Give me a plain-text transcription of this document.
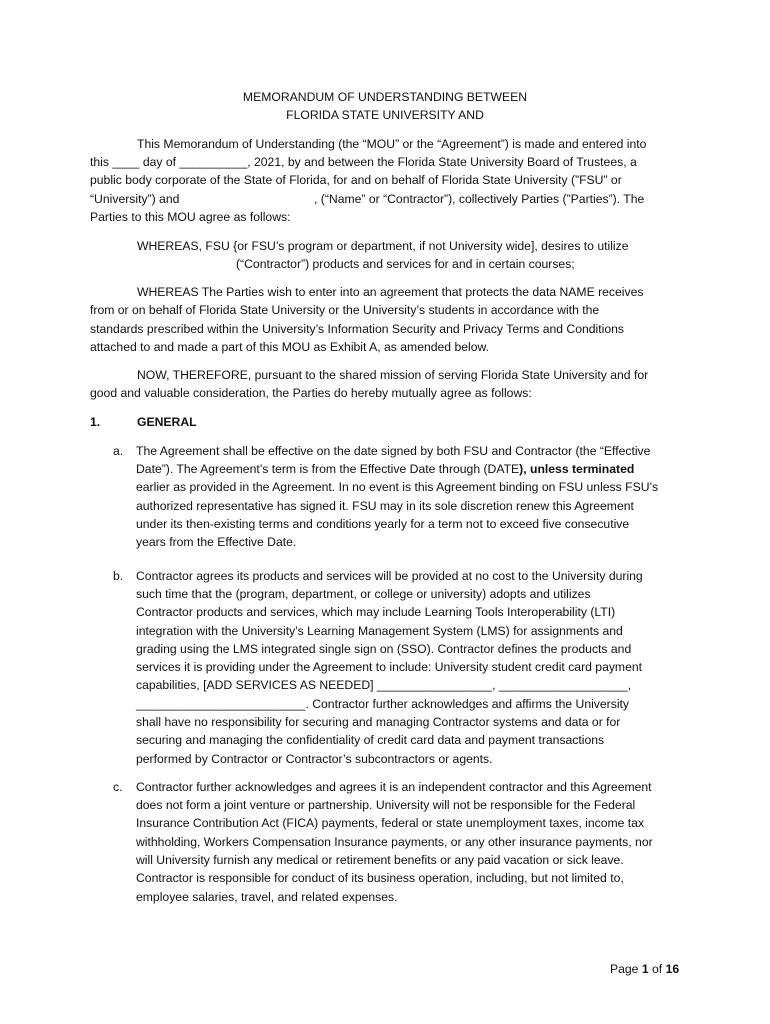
MEMORANDUM OF UNDERSTANDING BETWEEN
FLORIDA STATE UNIVERSITY AND
This Memorandum of Understanding (the “MOU” or the “Agreement”) is made and entered into
this ____ day of __________, 2021, by and between the Florida State University Board of Trustees, a
public body corporate of the State of Florida, for and on behalf of Florida State University (”FSU” or
“University”) and	, (“Name” or “Contractor”), collectively Parties (”Parties”). The
Parties to this MOU agree as follows:
WHEREAS, FSU {or FSU’s program or department, if not University wide], desires to utilize
(“Contractor”) products and services for and in certain courses;
WHEREAS The Parties wish to enter into an agreement that protects the data NAME receives
from or on behalf of Florida State University or the University’s students in accordance with the
standards prescribed within the University’s Information Security and Privacy Terms and Conditions
attached to and made a part of this MOU as Exhibit A, as amended below.
NOW, THEREFORE, pursuant to the shared mission of serving Florida State University and for
good and valuable consideration, the Parties do hereby mutually agree as follows:
1.	GENERAL
a. The Agreement shall be effective on the date signed by both FSU and Contractor (the “Effective
Date”). The Agreement’s term is from the Effective Date through (DATE), unless terminated
earlier as provided in the Agreement. In no event is this Agreement binding on FSU unless FSU’s
authorized representative has signed it. FSU may in its sole discretion renew this Agreement
under its then-existing terms and conditions yearly for a term not to exceed five consecutive
years from the Effective Date.
b. Contractor agrees its products and services will be provided at no cost to the University during
such time that the (program, department, or college or university) adopts and utilizes
Contractor products and services, which may include Learning Tools Interoperability (LTI)
integration with the University’s Learning Management System (LMS) for assignments and
grading using the LMS integrated single sign on (SSO). Contractor defines the products and
services it is providing under the Agreement to include: University student credit card payment
capabilities, [ADD SERVICES AS NEEDED] _________________, ___________________,
_________________________. Contractor further acknowledges and affirms the University
shall have no responsibility for securing and managing Contractor systems and data or for
securing and managing the confidentiality of credit card data and payment transactions
performed by Contractor or Contractor’s subcontractors or agents.
c. Contractor further acknowledges and agrees it is an independent contractor and this Agreement
does not form a joint venture or partnership. University will not be responsible for the Federal
Insurance Contribution Act (FICA) payments, federal or state unemployment taxes, income tax
withholding, Workers Compensation Insurance payments, or any other insurance payments, nor
will University furnish any medical or retirement benefits or any paid vacation or sick leave.
Contractor is responsible for conduct of its business operation, including, but not limited to,
employee salaries, travel, and related expenses.
Page 1 of 16
